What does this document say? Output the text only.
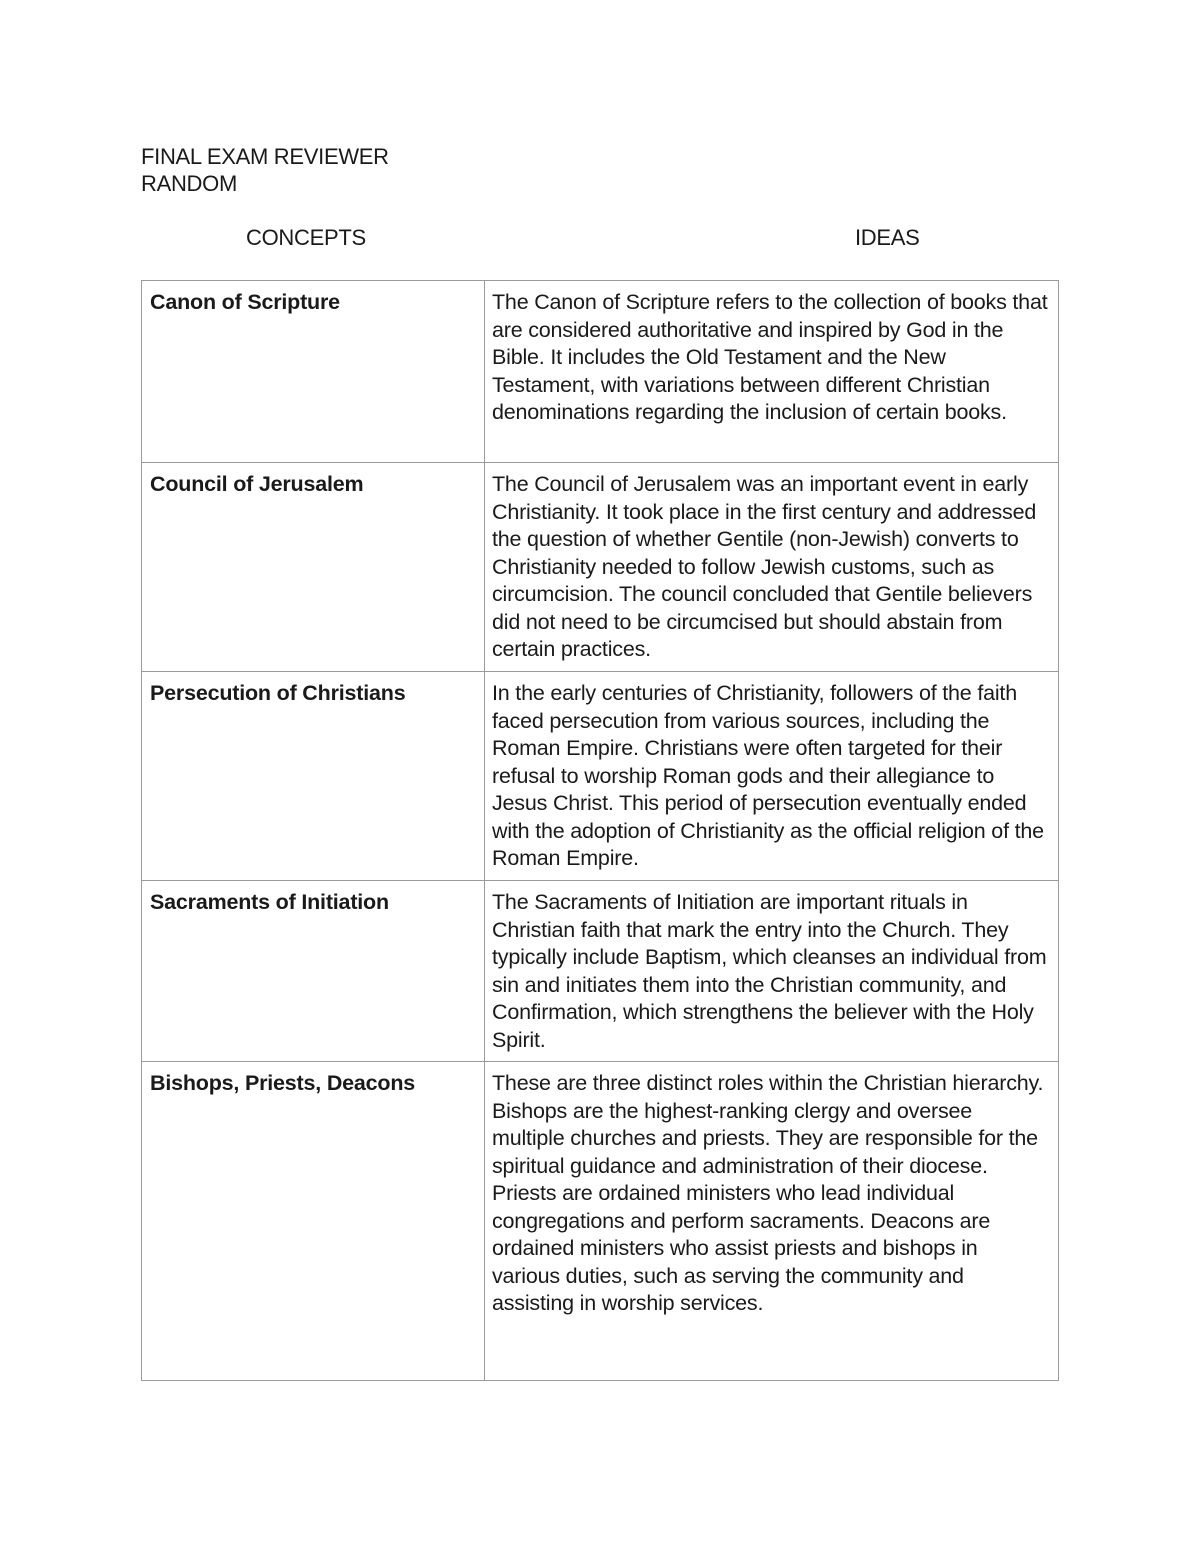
FINAL EXAM REVIEWER
RANDOM
CONCEPTS	IDEAS
Canon of Scripture	The Canon of Scripture refers to the collection of books that are considered authoritative and inspired by God in the Bible. It includes the Old Testament and the New Testament, with variations between different Christian denominations regarding the inclusion of certain books.
Council of Jerusalem	The Council of Jerusalem was an important event in early Christianity. It took place in the first century and addressed the question of whether Gentile (non-Jewish) converts to Christianity needed to follow Jewish customs, such as circumcision. The council concluded that Gentile believers did not need to be circumcised but should abstain from certain practices.
Persecution of Christians	In the early centuries of Christianity, followers of the faith faced persecution from various sources, including the Roman Empire. Christians were often targeted for their refusal to worship Roman gods and their allegiance to Jesus Christ. This period of persecution eventually ended with the adoption of Christianity as the official religion of the Roman Empire.
Sacraments of Initiation	The Sacraments of Initiation are important rituals in Christian faith that mark the entry into the Church. They typically include Baptism, which cleanses an individual from sin and initiates them into the Christian community, and Confirmation, which strengthens the believer with the Holy Spirit.
Bishops, Priests, Deacons	These are three distinct roles within the Christian hierarchy. Bishops are the highest-ranking clergy and oversee multiple churches and priests. They are responsible for the spiritual guidance and administration of their diocese. Priests are ordained ministers who lead individual congregations and perform sacraments. Deacons are ordained ministers who assist priests and bishops in various duties, such as serving the community and assisting in worship services.
